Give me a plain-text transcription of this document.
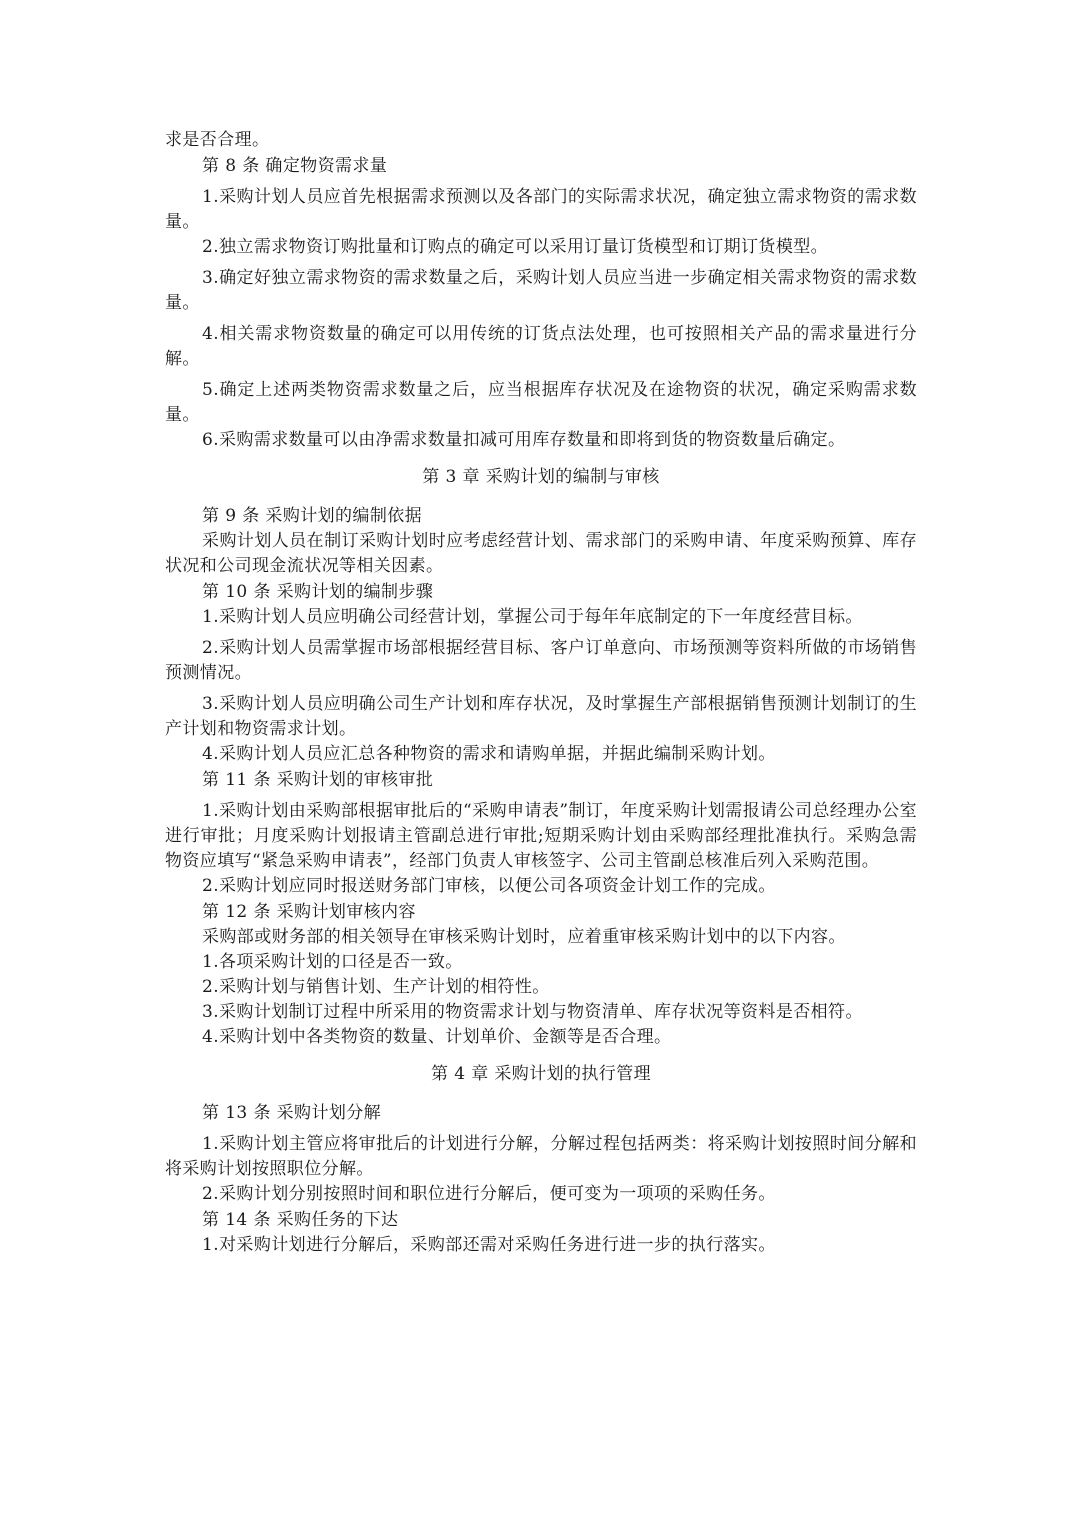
求是否合理。

第 8 条 确定物资需求量

1.采购计划人员应首先根据需求预测以及各部门的实际需求状况，确定独立需求物资的需求数量。

2.独立需求物资订购批量和订购点的确定可以采用订量订货模型和订期订货模型。

3.确定好独立需求物资的需求数量之后，采购计划人员应当进一步确定相关需求物资的需求数量。

4.相关需求物资数量的确定可以用传统的订货点法处理，也可按照相关产品的需求量进行分解。

5.确定上述两类物资需求数量之后，应当根据库存状况及在途物资的状况，确定采购需求数量。

6.采购需求数量可以由净需求数量扣减可用库存数量和即将到货的物资数量后确定。

第 3 章 采购计划的编制与审核

第 9 条 采购计划的编制依据

采购计划人员在制订采购计划时应考虑经营计划、需求部门的采购申请、年度采购预算、库存状况和公司现金流状况等相关因素。

第 10 条 采购计划的编制步骤

1.采购计划人员应明确公司经营计划，掌握公司于每年年底制定的下一年度经营目标。

2.采购计划人员需掌握市场部根据经营目标、客户订单意向、市场预测等资料所做的市场销售预测情况。

3.采购计划人员应明确公司生产计划和库存状况，及时掌握生产部根据销售预测计划制订的生产计划和物资需求计划。

4.采购计划人员应汇总各种物资的需求和请购单据，并据此编制采购计划。

第 11 条 采购计划的审核审批

1.采购计划由采购部根据审批后的“采购申请表”制订，年度采购计划需报请公司总经理办公室进行审批；月度采购计划报请主管副总进行审批;短期采购计划由采购部经理批准执行。采购急需物资应填写“紧急采购申请表”，经部门负责人审核签字、公司主管副总核准后列入采购范围。

2.采购计划应同时报送财务部门审核，以便公司各项资金计划工作的完成。

第 12 条 采购计划审核内容

采购部或财务部的相关领导在审核采购计划时，应着重审核采购计划中的以下内容。

1.各项采购计划的口径是否一致。

2.采购计划与销售计划、生产计划的相符性。

3.采购计划制订过程中所采用的物资需求计划与物资清单、库存状况等资料是否相符。

4.采购计划中各类物资的数量、计划单价、金额等是否合理。

第 4 章 采购计划的执行管理

第 13 条 采购计划分解

1.采购计划主管应将审批后的计划进行分解，分解过程包括两类：将采购计划按照时间分解和将采购计划按照职位分解。

2.采购计划分别按照时间和职位进行分解后，便可变为一项项的采购任务。

第 14 条 采购任务的下达

1.对采购计划进行分解后，采购部还需对采购任务进行进一步的执行落实。
